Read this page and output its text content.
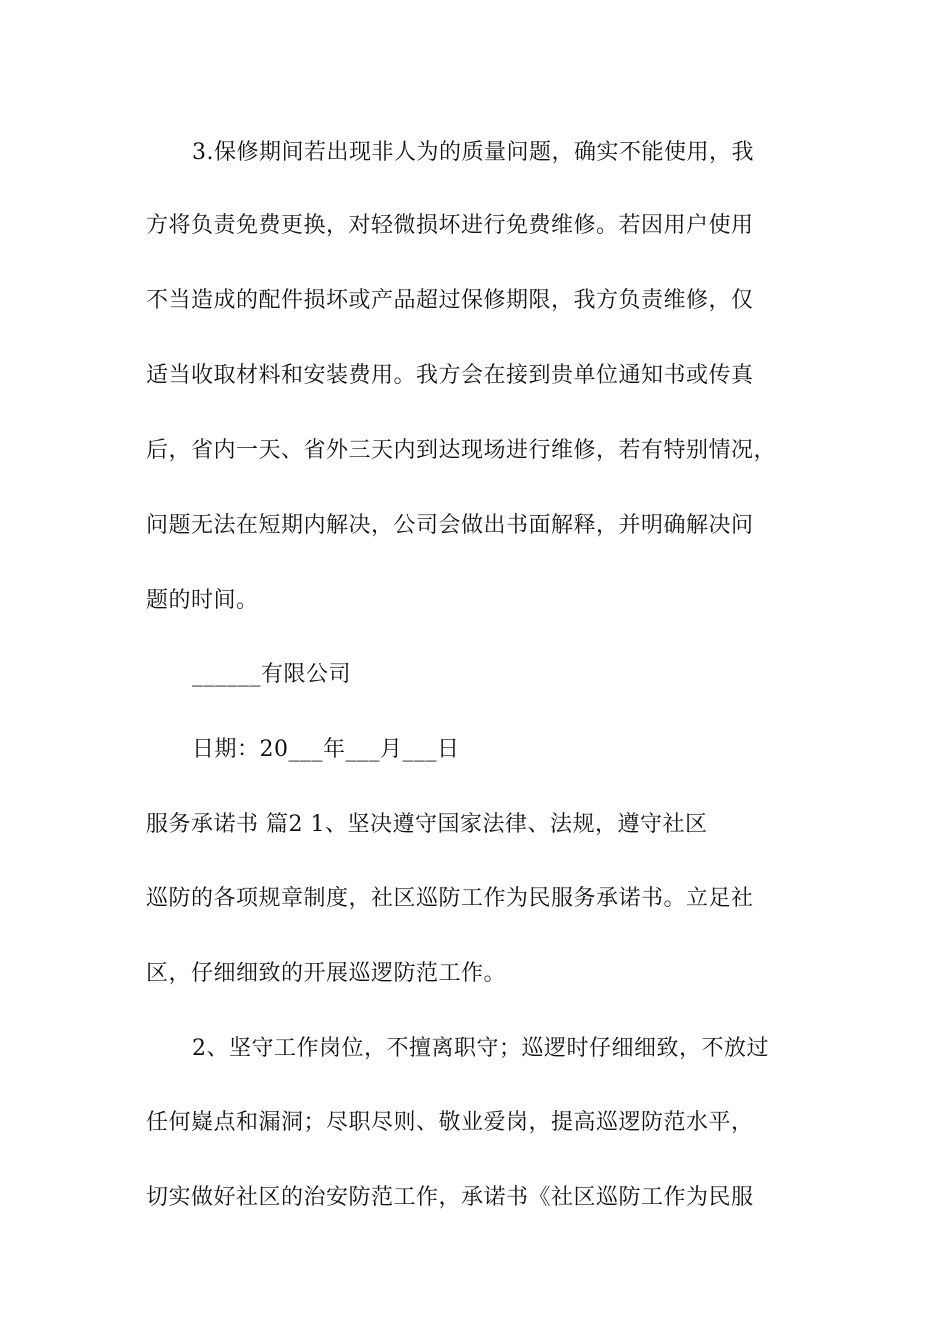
3.保修期间若出现非人为的质量问题，确实不能使用，我
方将负责免费更换，对轻微损坏进行免费维修。若因用户使用
不当造成的配件损坏或产品超过保修期限，我方负责维修，仅
适当收取材料和安装费用。我方会在接到贵单位通知书或传真
后，省内一天、省外三天内到达现场进行维修，若有特别情况，
问题无法在短期内解决，公司会做出书面解释，并明确解决问
题的时间。
______有限公司
日期：20___年___月___日
服务承诺书 篇2 1、坚决遵守国家法律、法规，遵守社区
巡防的各项规章制度，社区巡防工作为民服务承诺书。立足社
区，仔细细致的开展巡逻防范工作。
2、坚守工作岗位，不擅离职守；巡逻时仔细细致，不放过
任何嶷点和漏洞；尽职尽则、敬业爱岗，提高巡逻防范水平，
切实做好社区的治安防范工作，承诺书《社区巡防工作为民服
